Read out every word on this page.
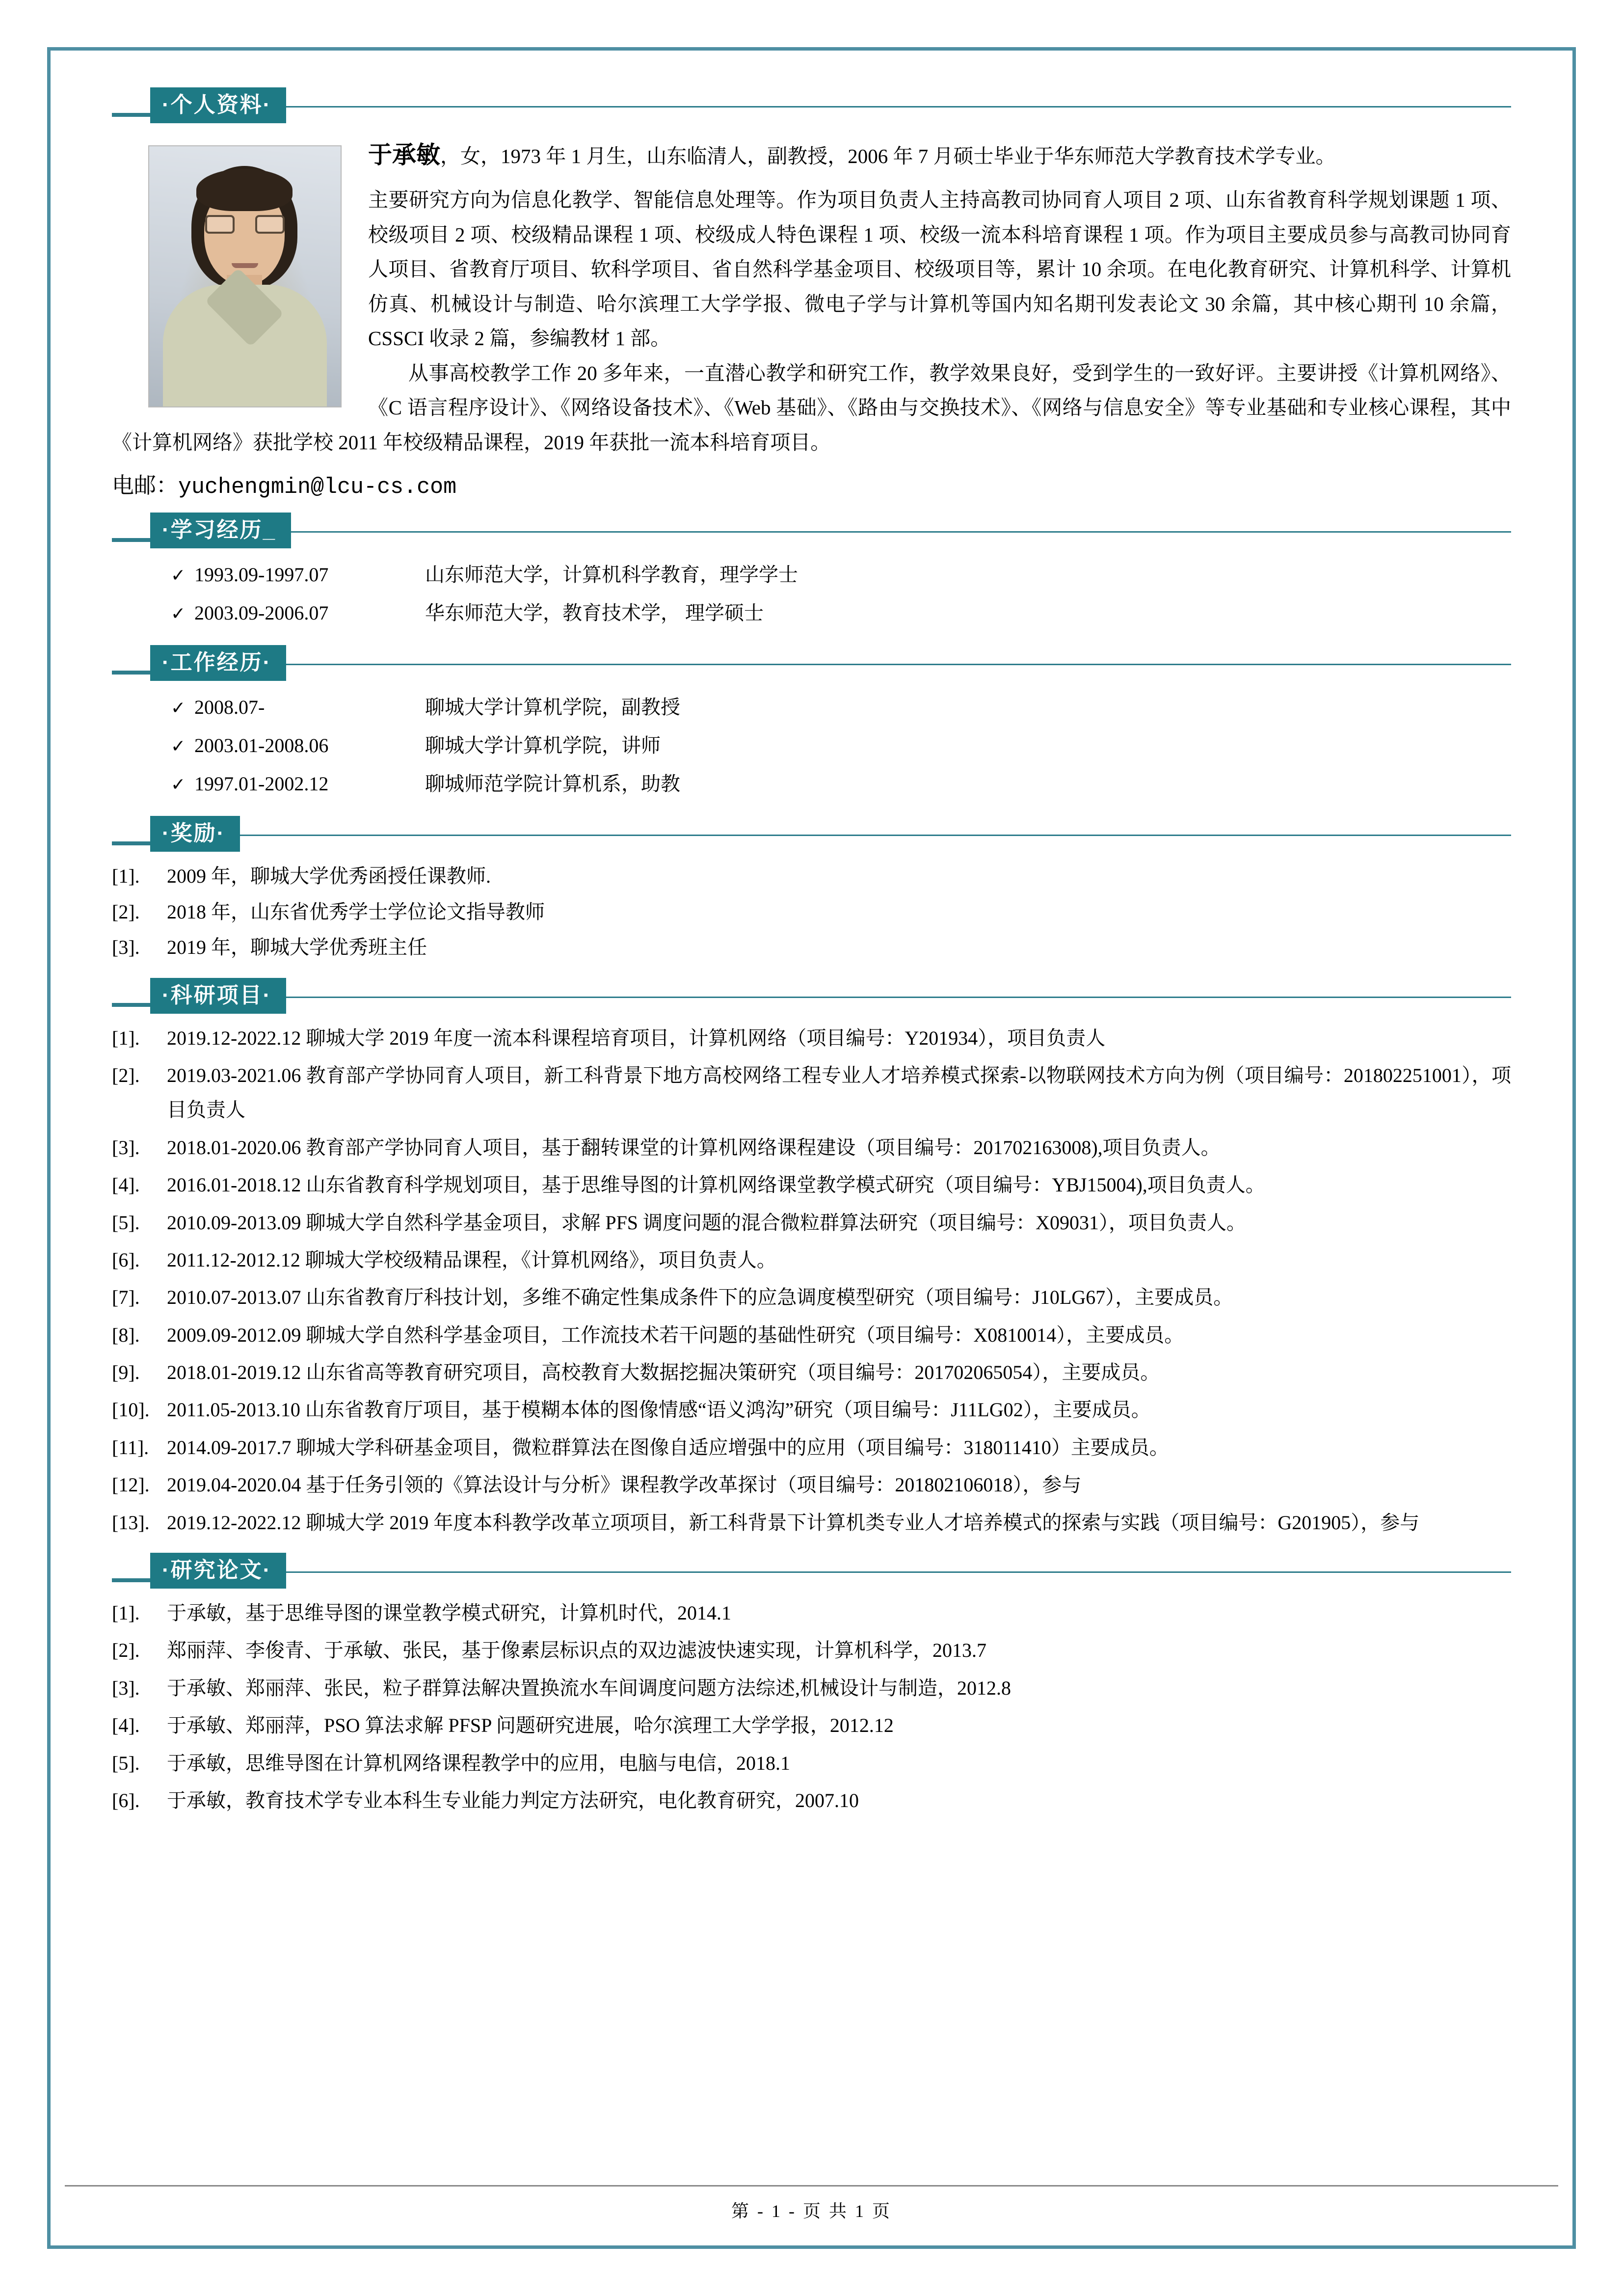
·个人资料·

于承敏，女，1973 年 1 月生，山东临清人，副教授，2006 年 7 月硕士毕业于华东师范大学教育技术学专业。

主要研究方向为信息化教学、智能信息处理等。作为项目负责人主持高教司协同育人项目 2 项、山东省教育科学规划课题 1 项、校级项目 2 项、校级精品课程 1 项、校级成人特色课程 1 项、校级一流本科培育课程 1 项。作为项目主要成员参与高教司协同育人项目、省教育厅项目、软科学项目、省自然科学基金项目、校级项目等，累计 10 余项。在电化教育研究、计算机科学、计算机仿真、机械设计与制造、哈尔滨理工大学学报、微电子学与计算机等国内知名期刊发表论文 30 余篇，其中核心期刊 10 余篇，CSSCI 收录 2 篇，参编教材 1 部。

从事高校教学工作 20 多年来，一直潜心教学和研究工作，教学效果良好，受到学生的一致好评。主要讲授《计算机网络》、《C 语言程序设计》、《网络设备技术》、《Web 基础》、《路由与交换技术》、《网络与信息安全》等专业基础和专业核心课程，其中《计算机网络》获批学校 2011 年校级精品课程，2019 年获批一流本科培育项目。

电邮：yuchengmin@lcu-cs.com
·学习经历_
✓ 1993.09-1997.07	山东师范大学，计算机科学教育，理学学士
✓ 2003.09-2006.07	华东师范大学，教育技术学， 理学硕士
·工作经历·
✓ 2008.07-	聊城大学计算机学院，副教授
✓ 2003.01-2008.06	聊城大学计算机学院，讲师
✓ 1997.01-2002.12	聊城师范学院计算机系，助教
·奖励·
[1].	2009 年，聊城大学优秀函授任课教师.
[2].	2018 年，山东省优秀学士学位论文指导教师
[3].	2019 年，聊城大学优秀班主任
·科研项目·
[1].	2019.12-2022.12 聊城大学 2019 年度一流本科课程培育项目，计算机网络（项目编号：Y201934），项目负责人
[2].	2019.03-2021.06 教育部产学协同育人项目，新工科背景下地方高校网络工程专业人才培养模式探索-以物联网技术方向为例（项目编号：201802251001），项目负责人
[3].	2018.01-2020.06 教育部产学协同育人项目，基于翻转课堂的计算机网络课程建设（项目编号：201702163008),项目负责人。
[4].	2016.01-2018.12 山东省教育科学规划项目，基于思维导图的计算机网络课堂教学模式研究（项目编号：YBJ15004),项目负责人。
[5].	2010.09-2013.09 聊城大学自然科学基金项目，求解 PFS 调度问题的混合微粒群算法研究（项目编号：X09031），项目负责人。
[6].	2011.12-2012.12 聊城大学校级精品课程，《计算机网络》，项目负责人。
[7].	2010.07-2013.07 山东省教育厅科技计划，多维不确定性集成条件下的应急调度模型研究（项目编号：J10LG67），主要成员。
[8].	2009.09-2012.09 聊城大学自然科学基金项目，工作流技术若干问题的基础性研究（项目编号：X0810014），主要成员。
[9].	2018.01-2019.12 山东省高等教育研究项目，高校教育大数据挖掘决策研究（项目编号：201702065054），主要成员。
[10]. 2011.05-2013.10 山东省教育厅项目，基于模糊本体的图像情感“语义鸿沟”研究（项目编号：J11LG02），主要成员。
[11]. 2014.09-2017.7 聊城大学科研基金项目，微粒群算法在图像自适应增强中的应用（项目编号：318011410）主要成员。
[12]. 2019.04-2020.04 基于任务引领的《算法设计与分析》课程教学改革探讨（项目编号：201802106018），参与
[13]. 2019.12-2022.12 聊城大学 2019 年度本科教学改革立项项目，新工科背景下计算机类专业人才培养模式的探索与实践（项目编号：G201905），参与
·研究论文·
[1].	于承敏，基于思维导图的课堂教学模式研究，计算机时代，2014.1
[2].	郑丽萍、李俊青、于承敏、张民，基于像素层标识点的双边滤波快速实现，计算机科学，2013.7
[3].	于承敏、郑丽萍、张民，粒子群算法解决置换流水车间调度问题方法综述,机械设计与制造，2012.8
[4].	于承敏、郑丽萍，PSO 算法求解 PFSP 问题研究进展，哈尔滨理工大学学报，2012.12
[5].	于承敏，思维导图在计算机网络课程教学中的应用，电脑与电信，2018.1
[6].	于承敏，教育技术学专业本科生专业能力判定方法研究，电化教育研究，2007.10
第 - 1 - 页 共 1 页
